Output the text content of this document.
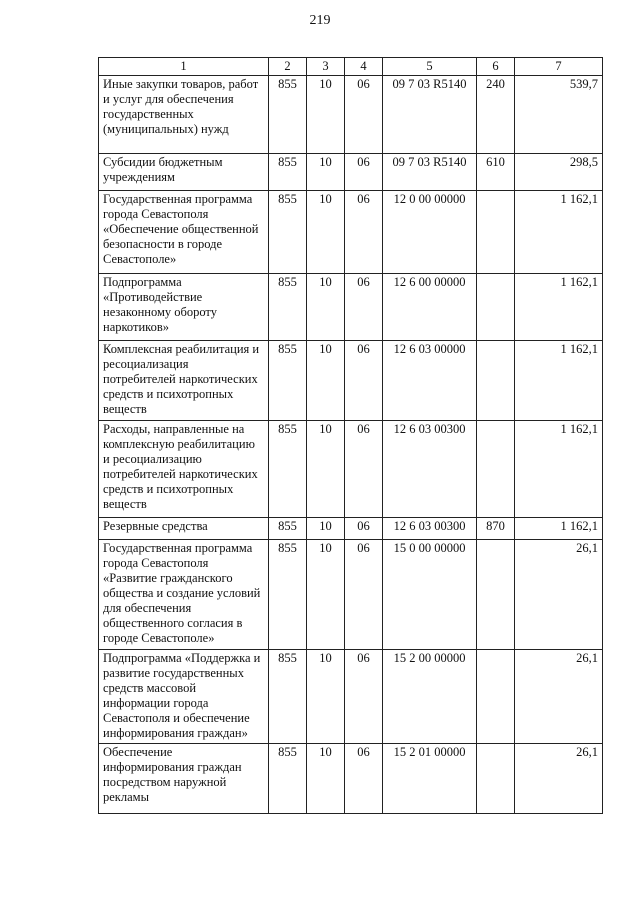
219
1	2	3	4	5	6	7
Иные закупки товаров, работ и услуг для обеспечения государственных (муниципальных) нужд	855	10	06	09 7 03 R5140	240	539,7
Субсидии бюджетным учреждениям	855	10	06	09 7 03 R5140	610	298,5
Государственная программа города Севастополя «Обеспечение общественной безопасности в городе Севастополе»	855	10	06	12 0 00 00000		1 162,1
Подпрограмма «Противодействие незаконному обороту наркотиков»	855	10	06	12 6 00 00000		1 162,1
Комплексная реабилитация и ресоциализация потребителей наркотических средств и психотропных веществ	855	10	06	12 6 03 00000		1 162,1
Расходы, направленные на комплексную реабилитацию и ресоциализацию потребителей наркотических средств и психотропных веществ	855	10	06	12 6 03 00300		1 162,1
Резервные средства	855	10	06	12 6 03 00300	870	1 162,1
Государственная программа города Севастополя «Развитие гражданского общества и создание условий для обеспечения общественного согласия в городе Севастополе»	855	10	06	15 0 00 00000		26,1
Подпрограмма «Поддержка и развитие государственных средств массовой информации города Севастополя и обеспечение информирования граждан»	855	10	06	15 2 00 00000		26,1
Обеспечение информирования граждан посредством наружной рекламы	855	10	06	15 2 01 00000		26,1
